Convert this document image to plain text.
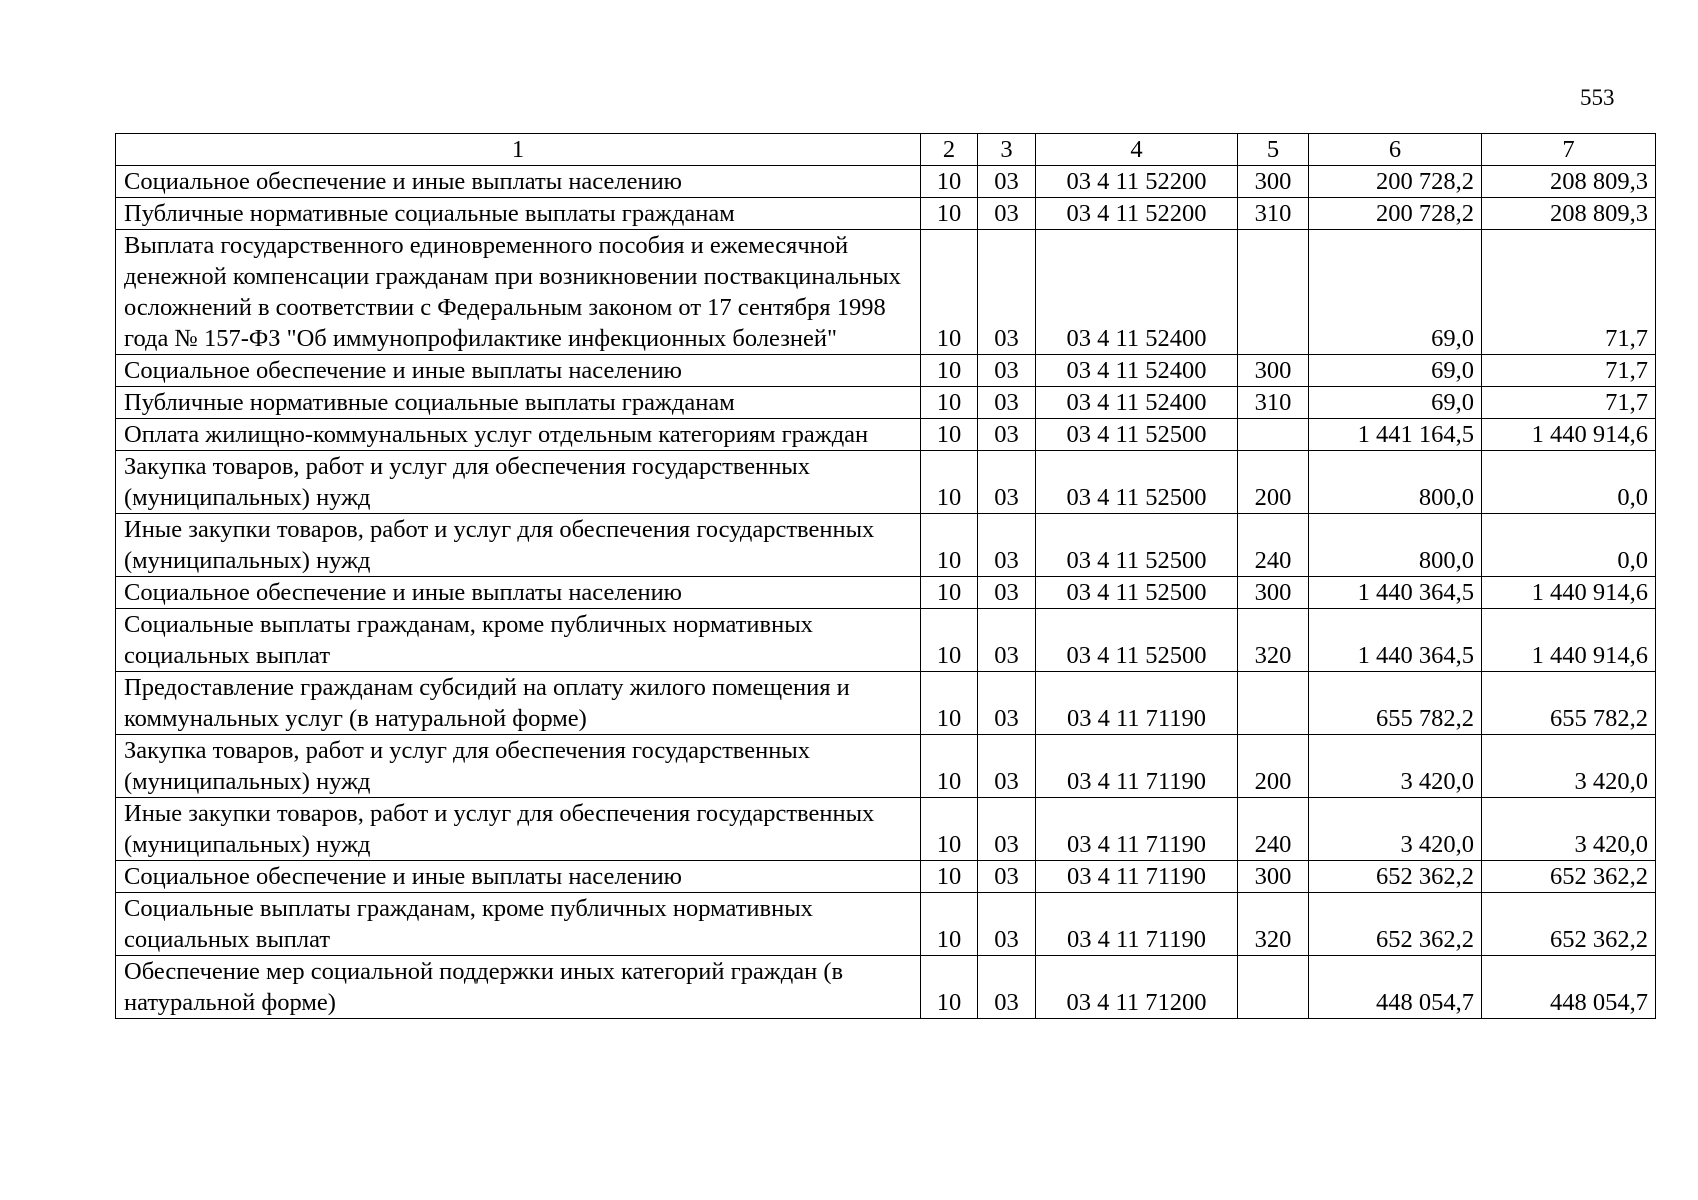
553
1	2	3	4	5	6	7
Социальное обеспечение и иные выплаты населению	10	03	03 4 11 52200	300	200 728,2	208 809,3
Публичные нормативные социальные выплаты гражданам	10	03	03 4 11 52200	310	200 728,2	208 809,3
Выплата государственного единовременного пособия и ежемесячной денежной компенсации гражданам при возникновении поствакцинальных осложнений в соответствии с Федеральным законом от 17 сентября 1998 года № 157-ФЗ "Об иммунопрофилактике инфекционных болезней"	10	03	03 4 11 52400		69,0	71,7
Социальное обеспечение и иные выплаты населению	10	03	03 4 11 52400	300	69,0	71,7
Публичные нормативные социальные выплаты гражданам	10	03	03 4 11 52400	310	69,0	71,7
Оплата жилищно-коммунальных услуг отдельным категориям граждан	10	03	03 4 11 52500		1 441 164,5	1 440 914,6
Закупка товаров, работ и услуг для обеспечения государственных (муниципальных) нужд	10	03	03 4 11 52500	200	800,0	0,0
Иные закупки товаров, работ и услуг для обеспечения государственных (муниципальных) нужд	10	03	03 4 11 52500	240	800,0	0,0
Социальное обеспечение и иные выплаты населению	10	03	03 4 11 52500	300	1 440 364,5	1 440 914,6
Социальные выплаты гражданам, кроме публичных нормативных социальных выплат	10	03	03 4 11 52500	320	1 440 364,5	1 440 914,6
Предоставление гражданам субсидий на оплату жилого помещения и коммунальных услуг (в натуральной форме)	10	03	03 4 11 71190		655 782,2	655 782,2
Закупка товаров, работ и услуг для обеспечения государственных (муниципальных) нужд	10	03	03 4 11 71190	200	3 420,0	3 420,0
Иные закупки товаров, работ и услуг для обеспечения государственных (муниципальных) нужд	10	03	03 4 11 71190	240	3 420,0	3 420,0
Социальное обеспечение и иные выплаты населению	10	03	03 4 11 71190	300	652 362,2	652 362,2
Социальные выплаты гражданам, кроме публичных нормативных социальных выплат	10	03	03 4 11 71190	320	652 362,2	652 362,2
Обеспечение мер социальной поддержки иных категорий граждан (в натуральной форме)	10	03	03 4 11 71200		448 054,7	448 054,7
